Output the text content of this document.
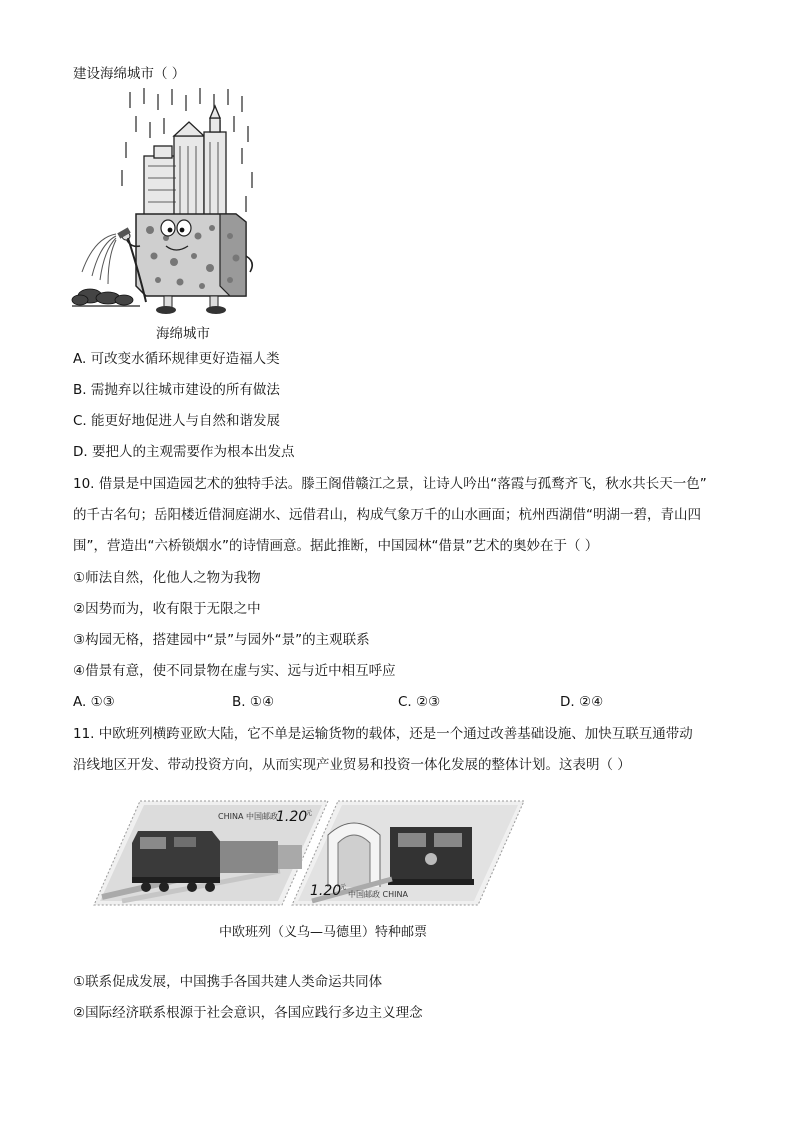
建设海绵城市（ ）
海绵城市
A. 可改变水循环规律更好造福人类
B. 需抛弃以往城市建设的所有做法
C. 能更好地促进人与自然和谐发展
D. 要把人的主观需要作为根本出发点
10. 借景是中国造园艺术的独特手法。滕王阁借赣江之景，让诗人吟出“落霞与孤鹜齐飞，秋水共长天一色”
的千古名句；岳阳楼近借洞庭湖水、远借君山，构成气象万千的山水画面；杭州西湖借“明湖一碧，青山四
围”，营造出“六桥锁烟水”的诗情画意。据此推断，中国园林“借景”艺术的奥妙在于（ ）
①师法自然，化他人之物为我物
②因势而为，收有限于无限之中
③构园无格，搭建园中“景”与园外“景”的主观联系
④借景有意，使不同景物在虚与实、远与近中相互呼应
A. ①③	B. ①④	C. ②③	D. ②④
11. 中欧班列横跨亚欧大陆，它不单是运输货物的载体，还是一个通过改善基础设施、加快互联互通带动
沿线地区开发、带动投资方向，从而实现产业贸易和投资一体化发展的整体计划。这表明（ ）
CHINA 中国邮政
1.20
元
1.20
元
中国邮政 CHINA
中欧班列（义乌—马德里）特种邮票
①联系促成发展，中国携手各国共建人类命运共同体
②国际经济联系根源于社会意识，各国应践行多边主义理念
